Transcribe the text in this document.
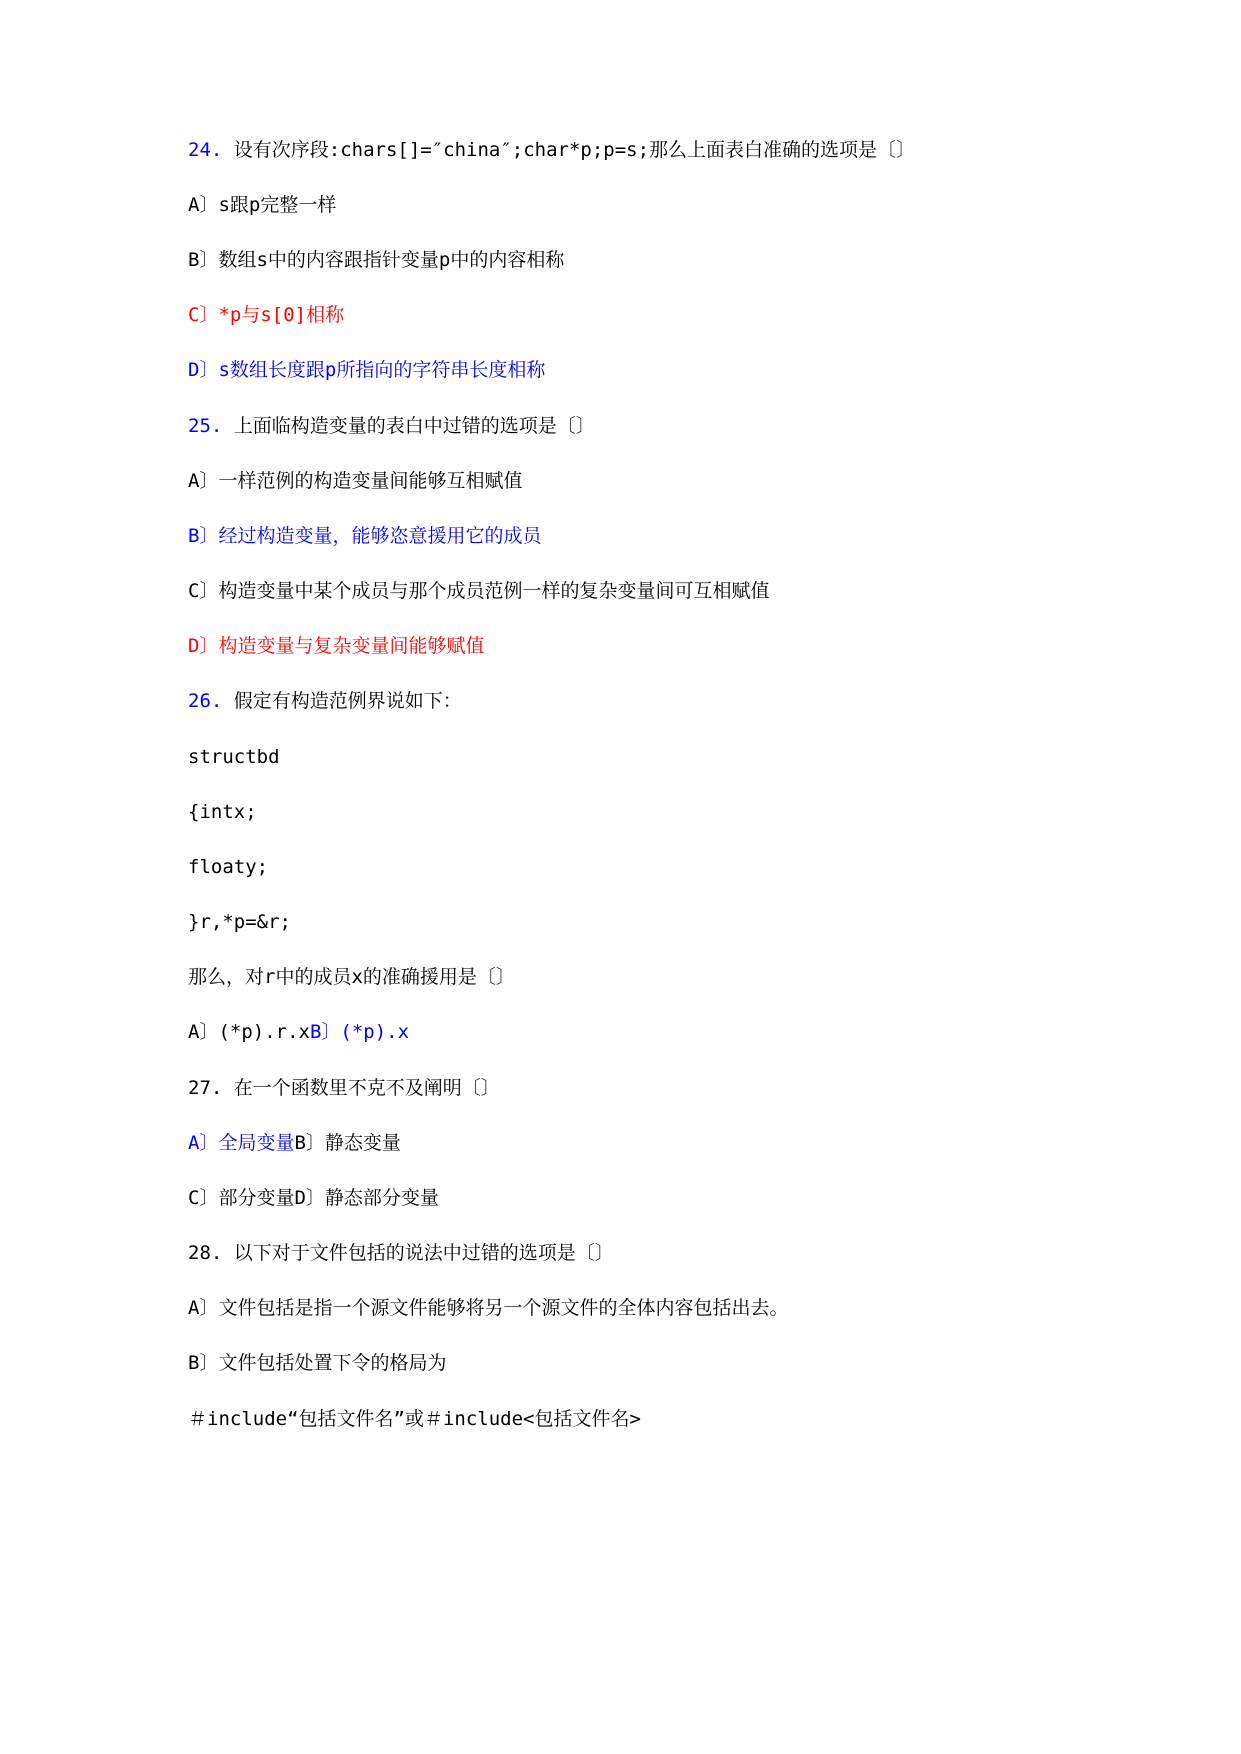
24. 设有次序段:chars[]=″china″;char*p;p=s;那么上面表白准确的选项是〔〕
A〕s跟p完整一样
B〕数组s中的内容跟指针变量p中的内容相称
C〕*p与s[0]相称
D〕s数组长度跟p所指向的字符串长度相称
25. 上面临构造变量的表白中过错的选项是〔〕
A〕一样范例的构造变量间能够互相赋值
B〕经过构造变量，能够恣意援用它的成员
C〕构造变量中某个成员与那个成员范例一样的复杂变量间可互相赋值
D〕构造变量与复杂变量间能够赋值
26. 假定有构造范例界说如下：
structbd
{intx;
floaty;
}r,*p=&r;
那么，对r中的成员x的准确援用是〔〕
A〕(*p).r.xB〕(*p).x
27. 在一个函数里不克不及阐明〔〕
A〕全局变量B〕静态变量
C〕部分变量D〕静态部分变量
28. 以下对于文件包括的说法中过错的选项是〔〕
A〕文件包括是指一个源文件能够将另一个源文件的全体内容包括出去。
B〕文件包括处置下令的格局为
＃include“包括文件名”或＃include<包括文件名>
